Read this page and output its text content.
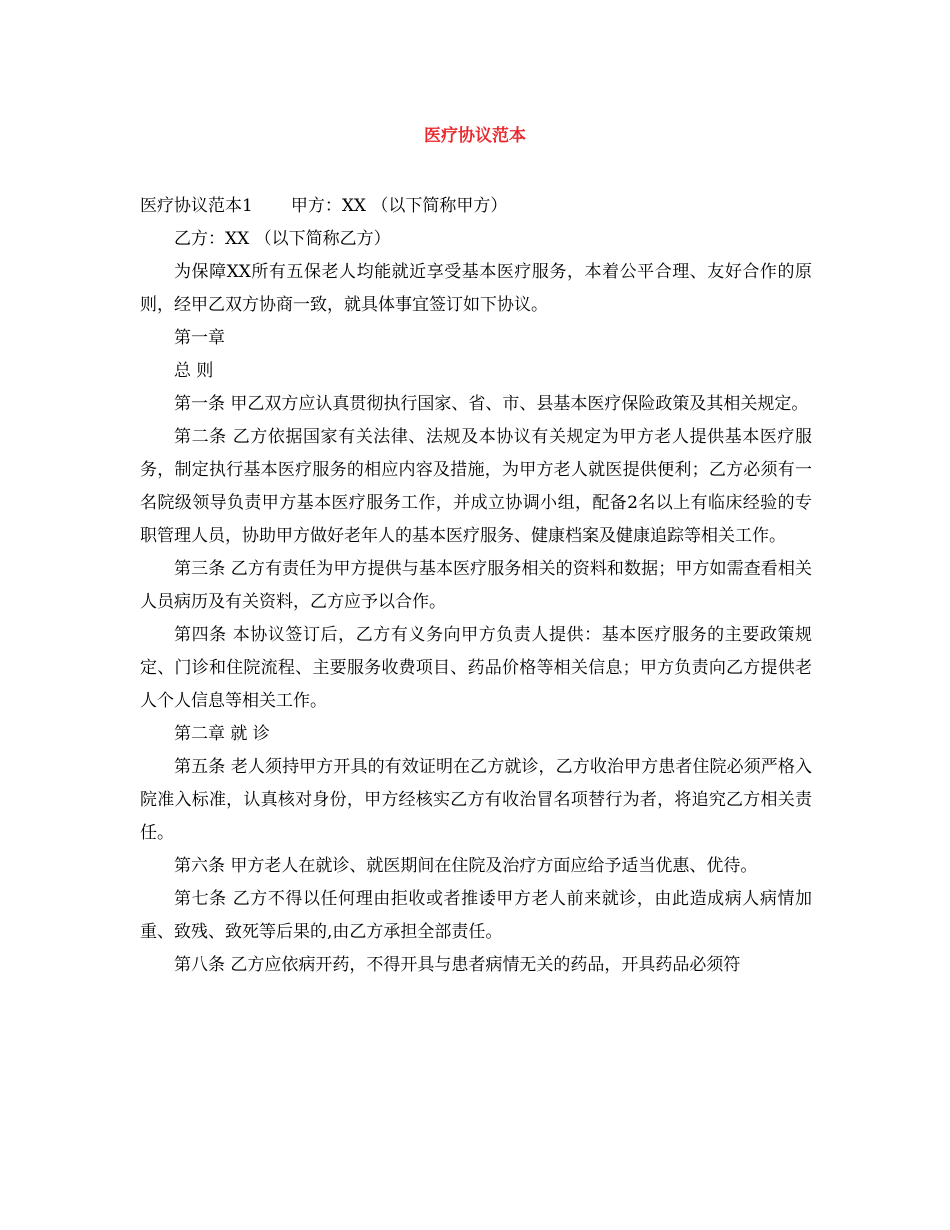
医疗协议范本

医疗协议范本1 甲方：XX （以下简称甲方）

乙方：XX （以下简称乙方）

为保障XX所有五保老人均能就近享受基本医疗服务，本着公平合理、友好合作的原则，经甲乙双方协商一致，就具体事宜签订如下协议。

第一章

总 则

第一条 甲乙双方应认真贯彻执行国家、省、市、县基本医疗保险政策及其相关规定。

第二条 乙方依据国家有关法律、法规及本协议有关规定为甲方老人提供基本医疗服务，制定执行基本医疗服务的相应内容及措施，为甲方老人就医提供便利；乙方必须有一名院级领导负责甲方基本医疗服务工作，并成立协调小组，配备2名以上有临床经验的专职管理人员，协助甲方做好老年人的基本医疗服务、健康档案及健康追踪等相关工作。

第三条 乙方有责任为甲方提供与基本医疗服务相关的资料和数据；甲方如需查看相关人员病历及有关资料，乙方应予以合作。

第四条 本协议签订后，乙方有义务向甲方负责人提供：基本医疗服务的主要政策规定、门诊和住院流程、主要服务收费项目、药品价格等相关信息；甲方负责向乙方提供老人个人信息等相关工作。

第二章 就 诊

第五条 老人须持甲方开具的有效证明在乙方就诊，乙方收治甲方患者住院必须严格入院准入标准，认真核对身份，甲方经核实乙方有收治冒名项替行为者，将追究乙方相关责任。

第六条 甲方老人在就诊、就医期间在住院及治疗方面应给予适当优惠、优待。

第七条 乙方不得以任何理由拒收或者推诿甲方老人前来就诊，由此造成病人病情加重、致残、致死等后果的,由乙方承担全部责任。

第八条 乙方应依病开药，不得开具与患者病情无关的药品，开具药品必须符
